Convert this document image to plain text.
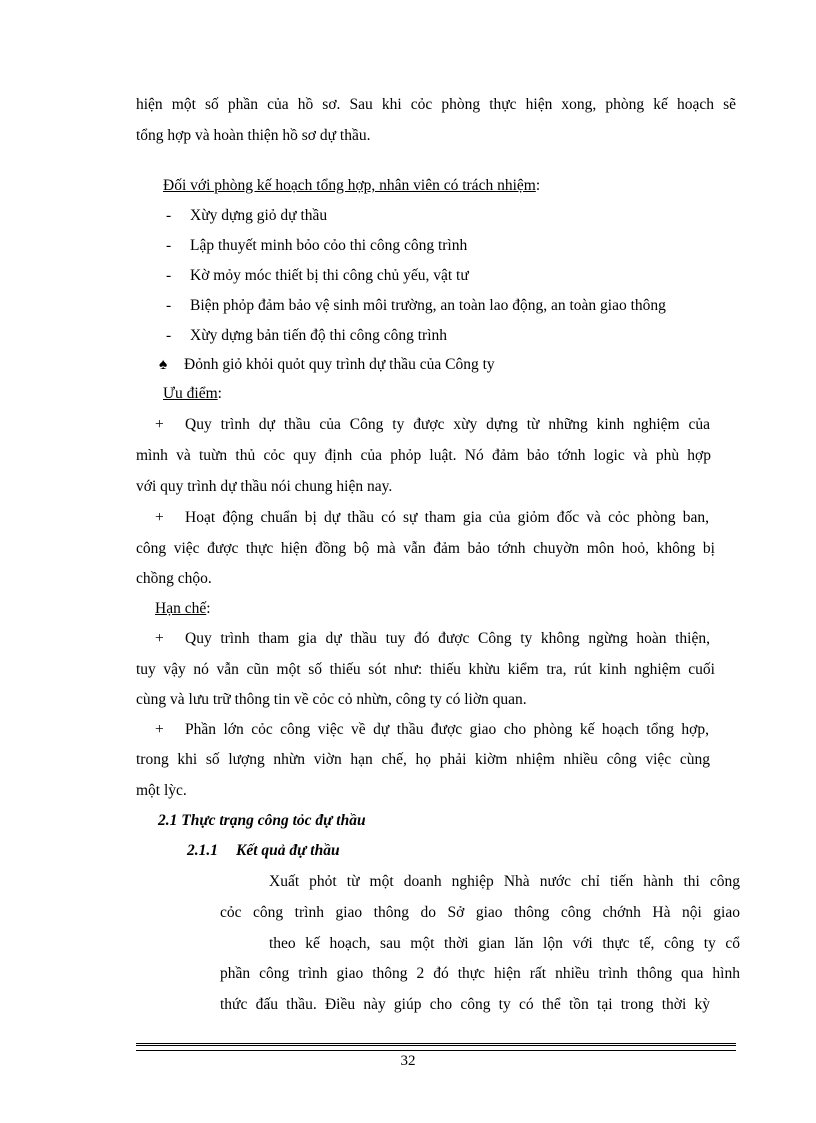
hiện một số phần của hồ sơ. Sau khi cỏc phòng thực hiện xong, phòng kế hoạch sẽ
tổng hợp và hoàn thiện hồ sơ dự thầu.
Đối với phòng kế hoạch tổng hợp, nhân viên có trách nhiệm:
- Xừy dựng giỏ dự thầu
- Lập thuyết minh bỏo cỏo thi công công trình
- Kờ mỏy móc thiết bị thi công chủ yếu, vật tư
- Biện phỏp đảm bảo vệ sinh môi trường, an toàn lao động, an toàn giao thông
- Xừy dựng bản tiến độ thi công công trình
♠ Đỏnh giỏ khỏi quỏt quy trình dự thầu của Công ty
Ưu điểm:
+ Quy trình dự thầu của Công ty được xừy dựng từ những kinh nghiệm của
mình và tuừn thủ cỏc quy định của phỏp luật. Nó đảm bảo tớnh logic và phù hợp
với quy trình dự thầu nói chung hiện nay.
+ Hoạt động chuẩn bị dự thầu có sự tham gia của giỏm đốc và cỏc phòng ban,
công việc được thực hiện đồng bộ mà vẫn đảm bảo tớnh chuyờn môn hoỏ, không bị
chồng chộo.
Hạn chế:
+ Quy trình tham gia dự thầu tuy đó được Công ty không ngừng hoàn thiện,
tuy vậy nó vẫn cũn một số thiếu sót như: thiếu khừu kiểm tra, rút kinh nghiệm cuối
cùng và lưu trữ thông tin về cỏc cỏ nhừn, công ty có liờn quan.
+ Phần lớn cỏc công việc về dự thầu được giao cho phòng kế hoạch tổng hợp,
trong khi số lượng nhừn viờn hạn chế, họ phải kiờm nhiệm nhiều công việc cùng
một lỳc.
2.1 Thực trạng công tỏc đự thầu
2.1.1 Kết quả đự thầu
Xuất phỏt từ một doanh nghiệp Nhà nước chỉ tiến hành thi công
cỏc công trình giao thông do Sở giao thông công chớnh Hà nội giao
theo kế hoạch, sau một thời gian lăn lộn với thực tế, công ty cổ
phần công trình giao thông 2 đó thực hiện rất nhiều trình thông qua hình
thức đấu thầu. Điều này giúp cho công ty có thể tồn tại trong thời kỳ
32
